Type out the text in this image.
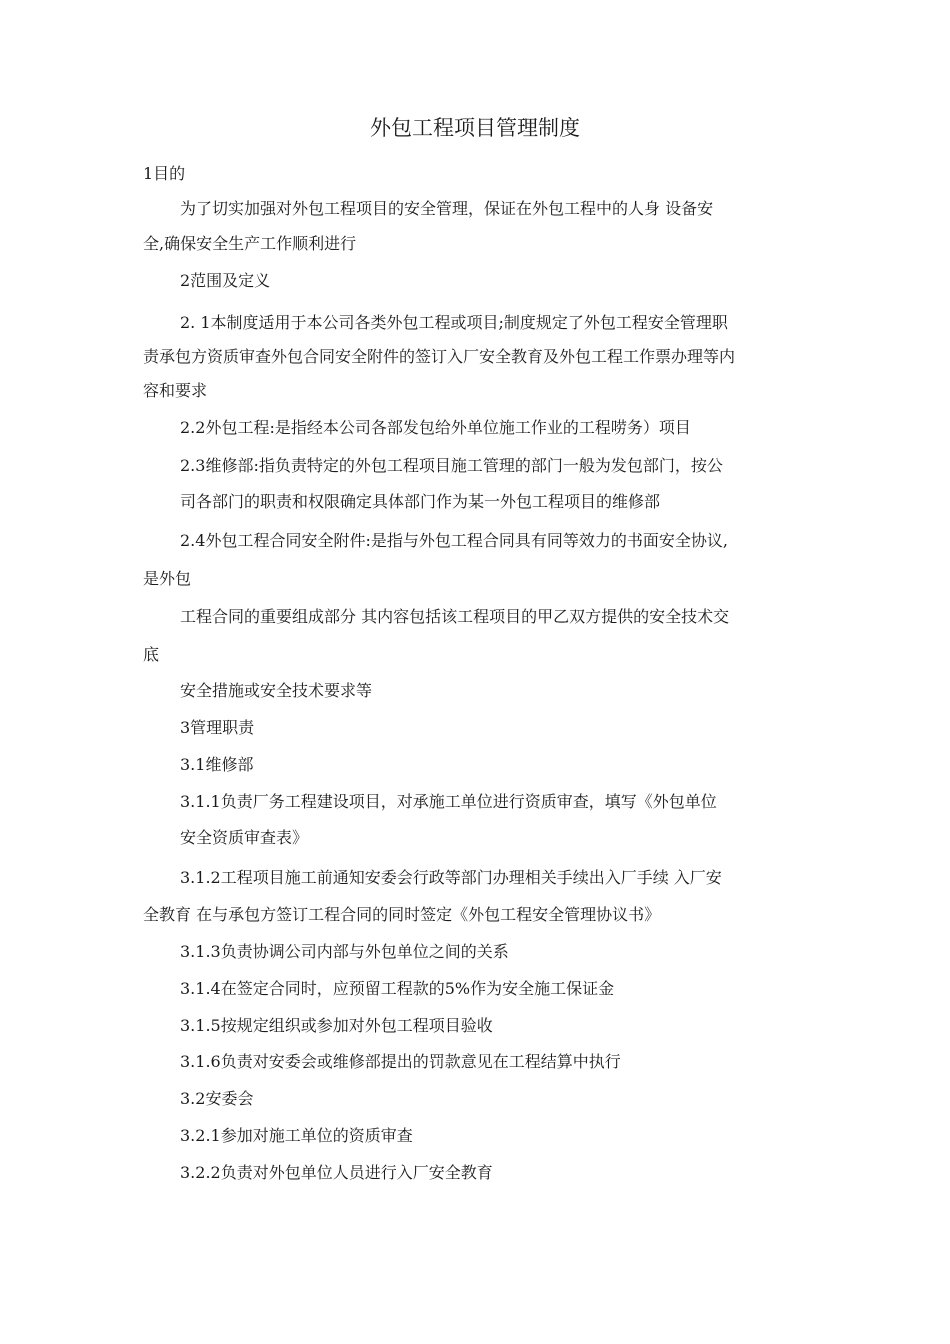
外包工程项目管理制度
1目的
为了切实加强对外包工程项目的安全管理，保证在外包工程中的人身 设备安
全,确保安全生产工作顺利进行
2范围及定义
2. 1本制度适用于本公司各类外包工程或项目;制度规定了外包工程安全管理职
责承包方资质审查外包合同安全附件的签订入厂安全教育及外包工程工作票办理等内
容和要求
2.2外包工程:是指经本公司各部发包给外单位施工作业的工程唠务）项目
2.3维修部:指负责特定的外包工程项目施工管理的部门一般为发包部门，按公
司各部门的职责和权限确定具体部门作为某一外包工程项目的维修部
2.4外包工程合同安全附件:是指与外包工程合同具有同等效力的书面安全协议,
是外包
工程合同的重要组成部分 其内容包括该工程项目的甲乙双方提供的安全技术交
底
安全措施或安全技术要求等
3管理职责
3.1维修部
3.1.1负责厂务工程建设项目，对承施工单位进行资质审查，填写《外包单位
安全资质审查表》
3.1.2工程项目施工前通知安委会行政等部门办理相关手续出入厂手续 入厂安
全教育 在与承包方签订工程合同的同时签定《外包工程安全管理协议书》
3.1.3负责协调公司内部与外包单位之间的关系
3.1.4在签定合同时，应预留工程款的5%作为安全施工保证金
3.1.5按规定组织或参加对外包工程项目验收
3.1.6负责对安委会或维修部提出的罚款意见在工程结算中执行
3.2安委会
3.2.1参加对施工单位的资质审查
3.2.2负责对外包单位人员进行入厂安全教育
